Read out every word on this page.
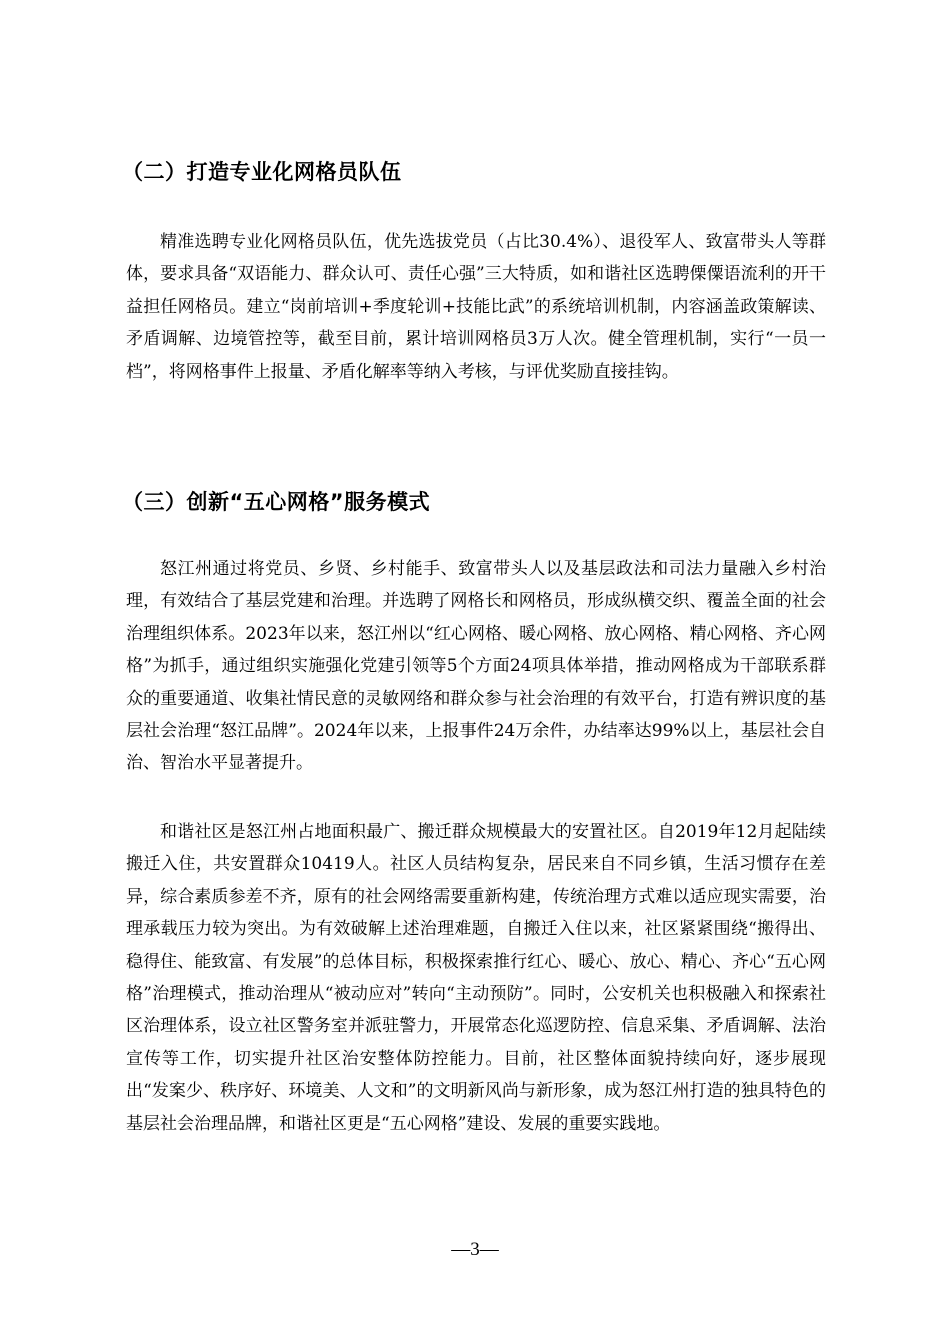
（二）打造专业化网格员队伍

精准选聘专业化网格员队伍，优先选拔党员（占比30.4%）、退役军人、致富带头人等群体，要求具备“双语能力、群众认可、责任心强”三大特质，如和谐社区选聘傈僳语流利的开干益担任网格员。建立“岗前培训+季度轮训+技能比武”的系统培训机制，内容涵盖政策解读、矛盾调解、边境管控等，截至目前，累计培训网格员3万人次。健全管理机制，实行“一员一档”，将网格事件上报量、矛盾化解率等纳入考核，与评优奖励直接挂钩。

（三）创新“五心网格”服务模式

怒江州通过将党员、乡贤、乡村能手、致富带头人以及基层政法和司法力量融入乡村治理，有效结合了基层党建和治理。并选聘了网格长和网格员，形成纵横交织、覆盖全面的社会治理组织体系。2023年以来，怒江州以“红心网格、暖心网格、放心网格、精心网格、齐心网格”为抓手，通过组织实施强化党建引领等5个方面24项具体举措，推动网格成为干部联系群众的重要通道、收集社情民意的灵敏网络和群众参与社会治理的有效平台，打造有辨识度的基层社会治理“怒江品牌”。2024年以来，上报事件24万余件，办结率达99%以上，基层社会自治、智治水平显著提升。

和谐社区是怒江州占地面积最广、搬迁群众规模最大的安置社区。自2019年12月起陆续搬迁入住，共安置群众10419人。社区人员结构复杂，居民来自不同乡镇，生活习惯存在差异，综合素质参差不齐，原有的社会网络需要重新构建，传统治理方式难以适应现实需要，治理承载压力较为突出。为有效破解上述治理难题，自搬迁入住以来，社区紧紧围绕“搬得出、稳得住、能致富、有发展”的总体目标，积极探索推行红心、暖心、放心、精心、齐心“五心网格”治理模式，推动治理从“被动应对”转向“主动预防”。同时，公安机关也积极融入和探索社区治理体系，设立社区警务室并派驻警力，开展常态化巡逻防控、信息采集、矛盾调解、法治宣传等工作，切实提升社区治安整体防控能力。目前，社区整体面貌持续向好，逐步展现出“发案少、秩序好、环境美、人文和”的文明新风尚与新形象，成为怒江州打造的独具特色的基层社会治理品牌，和谐社区更是“五心网格”建设、发展的重要实践地。

—3—
